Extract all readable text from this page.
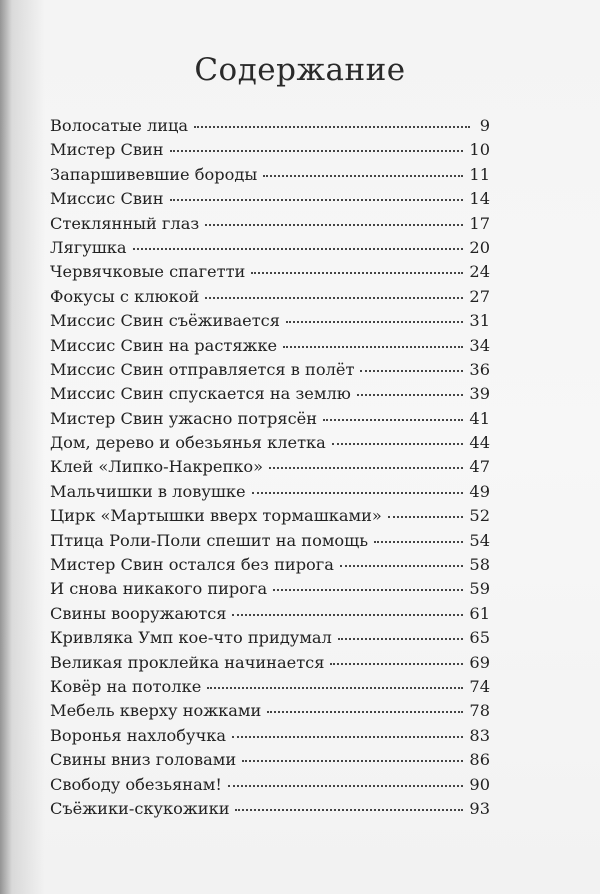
Содержание
Волосатые лица	9
Мистер Свин	10
Запаршивевшие бороды	11
Миссис Свин	14
Стеклянный глаз	17
Лягушка	20
Червячковые спагетти	24
Фокусы с клюкой	27
Миссис Свин съёживается	31
Миссис Свин на растяжке	34
Миссис Свин отправляется в полёт	36
Миссис Свин спускается на землю	39
Мистер Свин ужасно потрясён	41
Дом, дерево и обезьянья клетка	44
Клей «Липко-Накрепко»	47
Мальчишки в ловушке	49
Цирк «Мартышки вверх тормашками»	52
Птица Роли-Поли спешит на помощь	54
Мистер Свин остался без пирога	58
И снова никакого пирога	59
Свины вооружаются	61
Кривляка Умп кое-что придумал	65
Великая проклейка начинается	69
Ковёр на потолке	74
Мебель кверху ножками	78
Воронья нахлобучка	83
Свины вниз головами	86
Свободу обезьянам!	90
Съёжики-скукожики	93
